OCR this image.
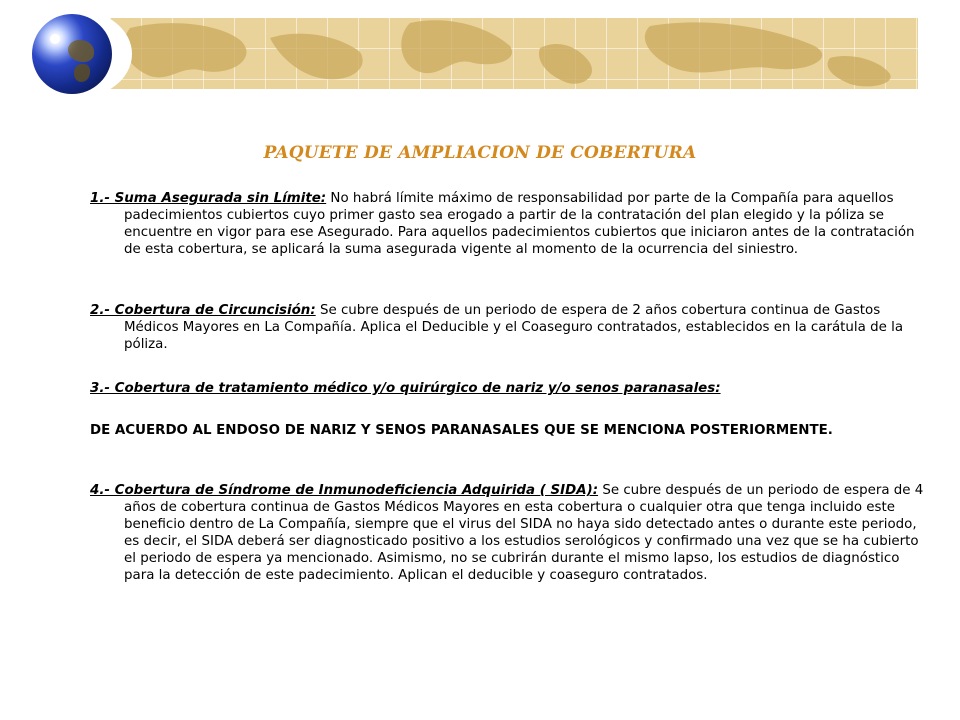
PAQUETE DE AMPLIACION DE COBERTURA
1.- Suma Asegurada sin Límite: No habrá límite máximo de responsabilidad por parte de la Compañía para aquellos padecimientos cubiertos cuyo primer gasto sea erogado a partir de la contratación del plan elegido y la póliza se encuentre en vigor para ese Asegurado. Para aquellos padecimientos cubiertos que iniciaron antes de la contratación de esta cobertura, se aplicará la suma asegurada vigente al momento de la ocurrencia del siniestro.
2.- Cobertura de Circuncisión: Se cubre después de un periodo de espera de 2 años cobertura continua de Gastos Médicos Mayores en La Compañía. Aplica el Deducible y el Coaseguro contratados, establecidos en la carátula de la póliza.
3.- Cobertura de tratamiento médico y/o quirúrgico de nariz y/o senos paranasales:
DE ACUERDO AL ENDOSO DE NARIZ Y SENOS PARANASALES QUE SE MENCIONA POSTERIORMENTE.
4.- Cobertura de Síndrome de Inmunodeficiencia Adquirida ( SIDA): Se cubre después de un periodo de espera de 4 años de cobertura continua de Gastos Médicos Mayores en esta cobertura o cualquier otra que tenga incluido este beneficio dentro de La Compañía, siempre que el virus del SIDA no haya sido detectado antes o durante este periodo, es decir, el SIDA deberá ser diagnosticado positivo a los estudios serológicos y confirmado una vez que se ha cubierto el periodo de espera ya mencionado. Asimismo, no se cubrirán durante el mismo lapso, los estudios de diagnóstico para la detección de este padecimiento. Aplican el deducible y coaseguro contratados.
